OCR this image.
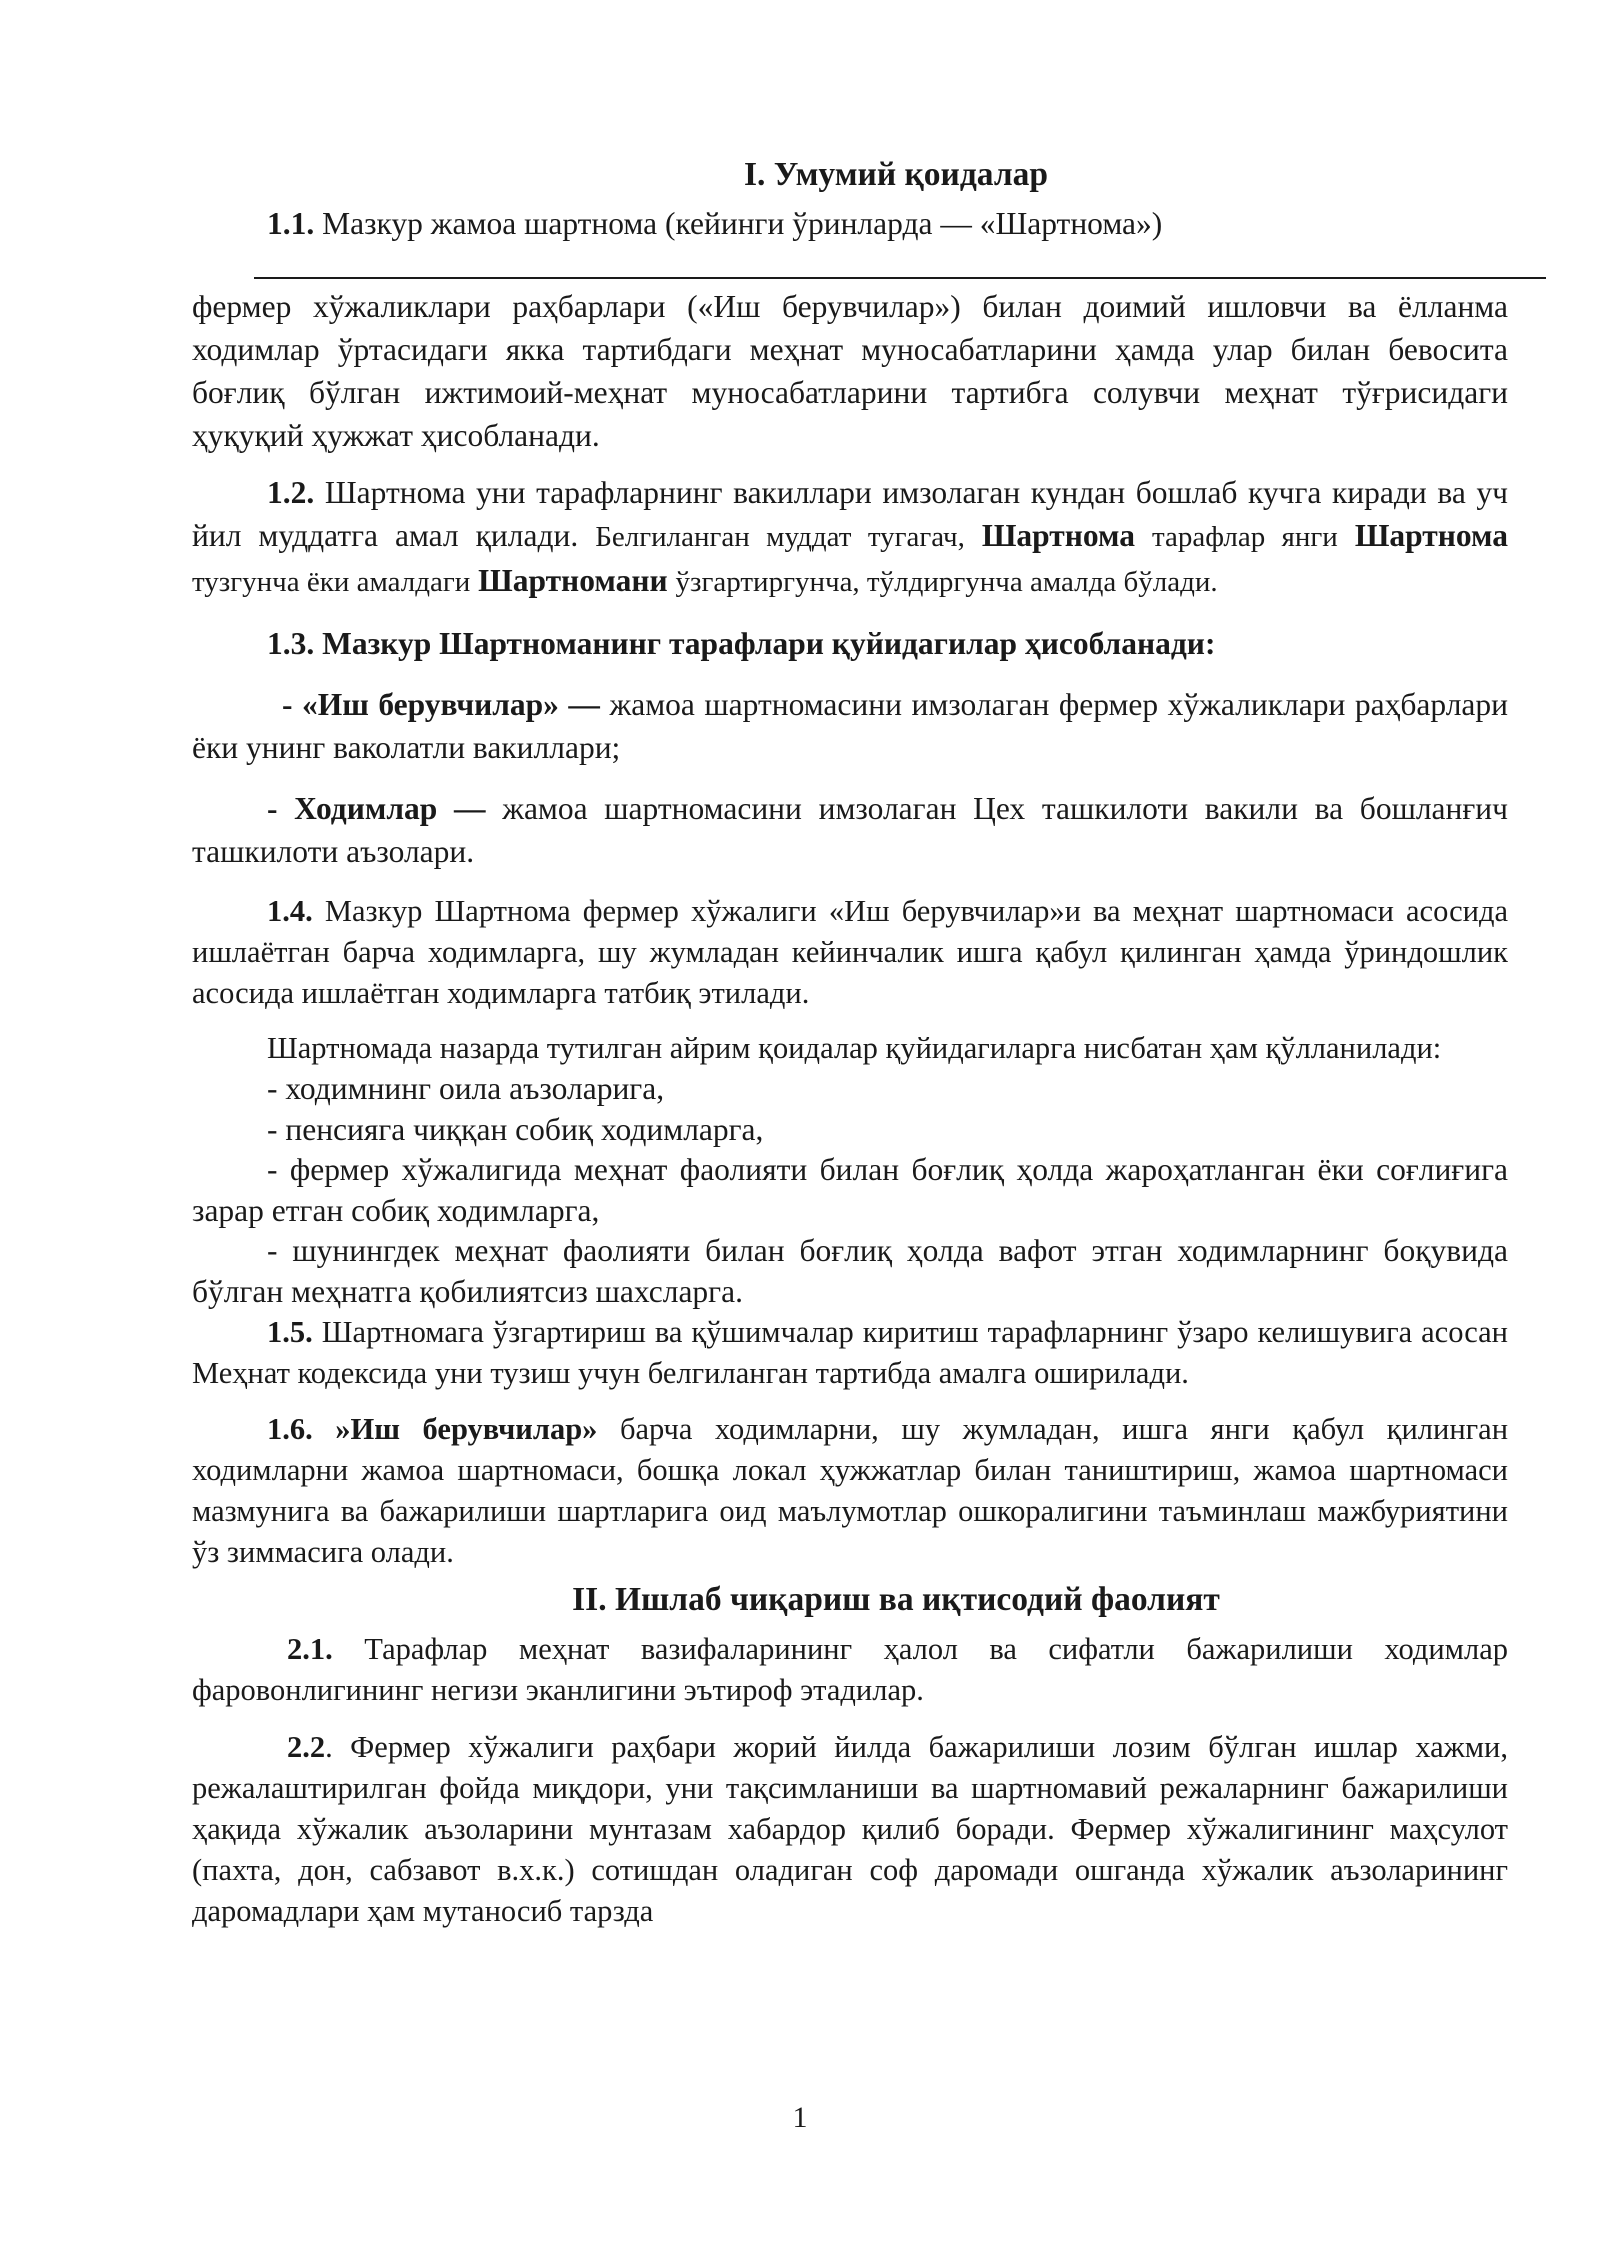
I. Умумий қоидалар

1.1. Мазкур жамоа шартнома (кейинги ўринларда — «Шартнома»)

фермер хўжаликлари раҳбарлари («Иш берувчилар») билан доимий ишловчи ва ёлланма ходимлар ўртасидаги якка тартибдаги меҳнат муносабатларини ҳамда улар билан бевосита боғлиқ бўлган ижтимоий-меҳнат муносабатларини тартибга солувчи меҳнат тўғрисидаги ҳуқуқий ҳужжат ҳисобланади.

1.2. Шартнома уни тарафларнинг вакиллари имзолаган кундан бошлаб кучга киради ва уч йил муддатга амал қилади. Белгиланган муддат тугагач, Шартнома тарафлар янги Шартнома тузгунча ёки амалдаги Шартномани ўзгартиргунча, тўлдиргунча амалда бўлади.

1.3. Мазкур Шартноманинг тарафлари қуйидагилар ҳисобланади:

- «Иш берувчилар» — жамоа шартномасини имзолаган фермер хўжаликлари раҳбарлари ёки унинг ваколатли вакиллари;

- Ходимлар — жамоа шартномасини имзолаган Цех ташкилоти вакили ва бошланғич ташкилоти аъзолари.

1.4. Мазкур Шартнома фермер хўжалиги «Иш берувчилар»и ва меҳнат шартномаси асосида ишлаётган барча ходимларга, шу жумладан кейинчалик ишга қабул қилинган ҳамда ўриндошлик асосида ишлаётган ходимларга татбиқ этилади.

Шартномада назарда тутилган айрим қоидалар қуйидагиларга нисбатан ҳам қўлланилади:

- ходимнинг оила аъзоларига,
- пенсияга чиққан собиқ ходимларга,
- фермер хўжалигида меҳнат фаолияти билан боғлиқ ҳолда жароҳатланган ёки соғлиғига зарар етган собиқ ходимларга,
- шунингдек меҳнат фаолияти билан боғлиқ ҳолда вафот этган ходимларнинг боқувида бўлган меҳнатга қобилиятсиз шахсларга.

1.5. Шартномага ўзгартириш ва қўшимчалар киритиш тарафларнинг ўзаро келишувига асосан Меҳнат кодексида уни тузиш учун белгиланган тартибда амалга оширилади.

1.6. »Иш берувчилар» барча ходимларни, шу жумладан, ишга янги қабул қилинган ходимларни жамоа шартномаси, бошқа локал ҳужжатлар билан таништириш, жамоа шартномаси мазмунига ва бажарилиши шартларига оид маълумотлар ошкоралигини таъминлаш мажбуриятини ўз зиммасига олади.

II. Ишлаб чиқариш ва иқтисодий фаолият

2.1. Тарафлар меҳнат вазифаларининг ҳалол ва сифатли бажарилиши ходимлар фаровонлигининг негизи эканлигини эътироф этадилар.

2.2. Фермер хўжалиги раҳбари жорий йилда бажарилиши лозим бўлган ишлар хажми, режалаштирилган фойда миқдори, уни тақсимланиши ва шартномавий режаларнинг бажарилиши ҳақида хўжалик аъзоларини мунтазам хабардор қилиб боради. Фермер хўжалигининг маҳсулот (пахта, дон, сабзавот в.х.к.) сотишдан оладиган соф даромади ошганда хўжалик аъзоларининг даромадлари ҳам мутаносиб тарзда

1
